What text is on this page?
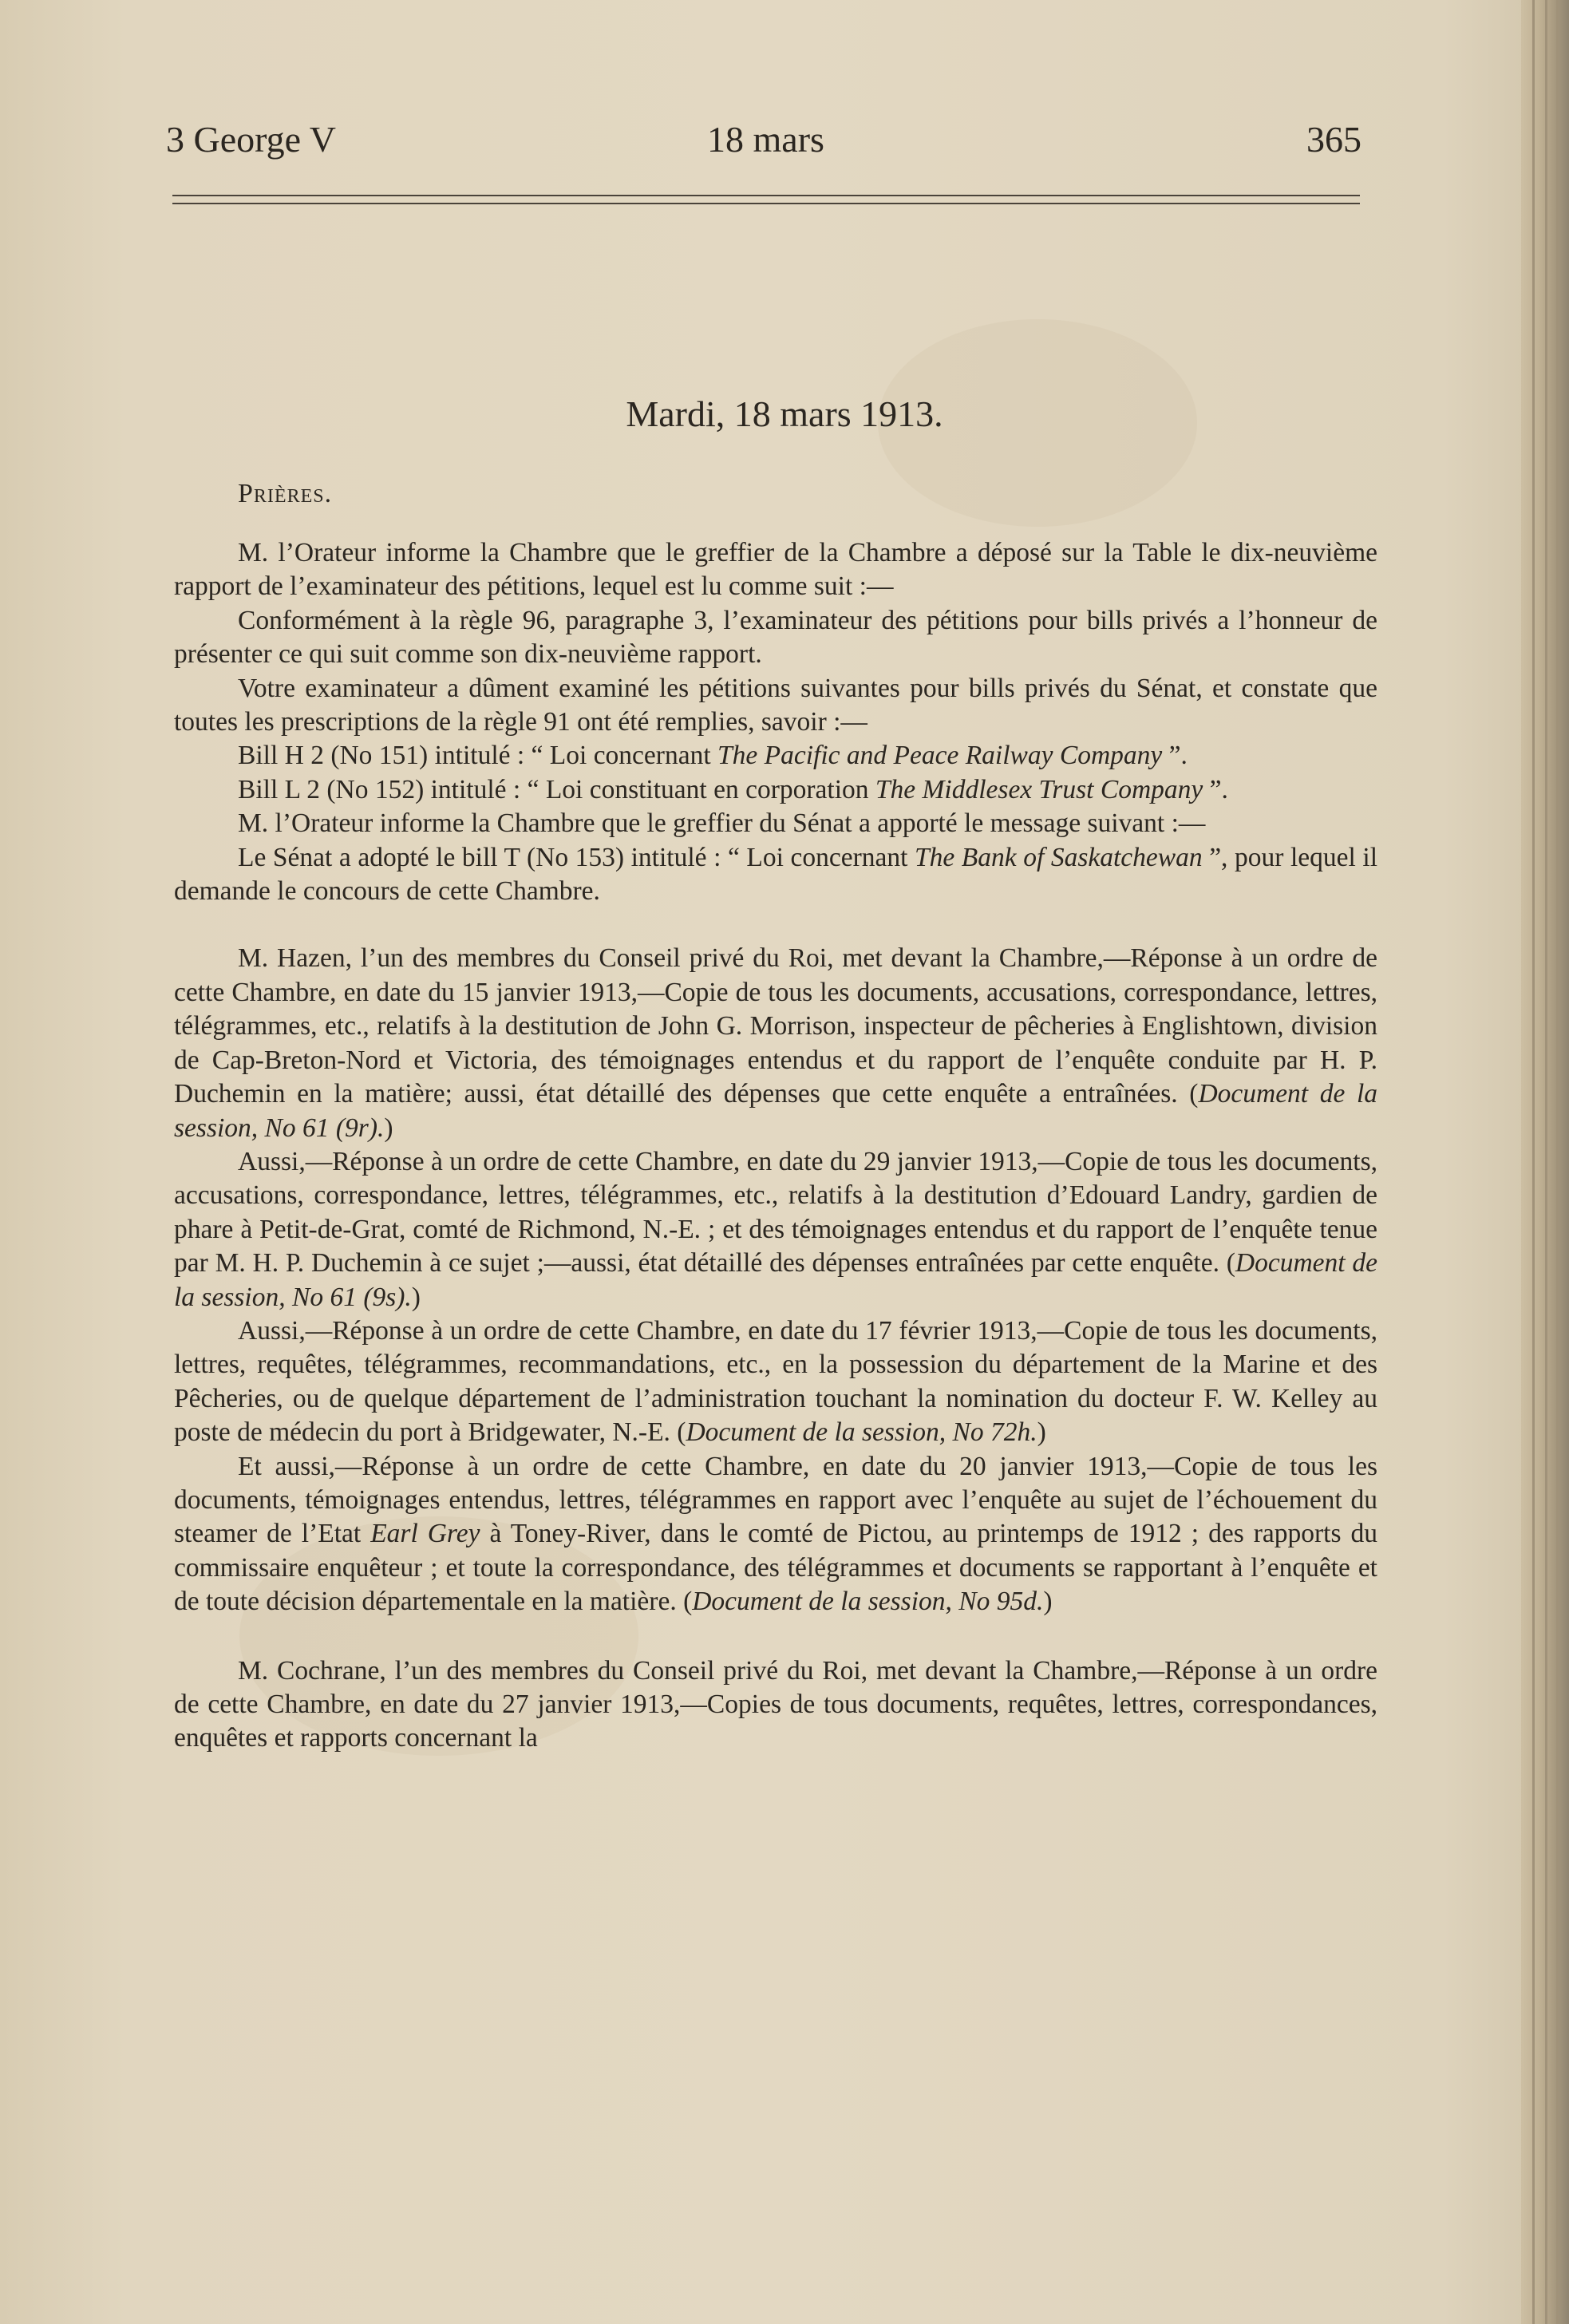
3 George V	18 mars	365
Mardi, 18 mars 1913.
Prières.

M. l’Orateur informe la Chambre que le greffier de la Chambre a déposé sur la Table le dix-neuvième rapport de l’examinateur des pétitions, lequel est lu comme suit :—

Conformément à la règle 96, paragraphe 3, l’examinateur des pétitions pour bills privés a l’honneur de présenter ce qui suit comme son dix-neuvième rapport.

Votre examinateur a dûment examiné les pétitions suivantes pour bills privés du Sénat, et constate que toutes les prescriptions de la règle 91 ont été remplies, savoir :—

Bill H 2 (No 151) intitulé : “ Loi concernant The Pacific and Peace Railway Company ”.

Bill L 2 (No 152) intitulé : “ Loi constituant en corporation The Middlesex Trust Company ”.

M. l’Orateur informe la Chambre que le greffier du Sénat a apporté le message suivant :—

Le Sénat a adopté le bill T (No 153) intitulé : “ Loi concernant The Bank of Saskatchewan ”, pour lequel il demande le concours de cette Chambre.

M. Hazen, l’un des membres du Conseil privé du Roi, met devant la Chambre,—Réponse à un ordre de cette Chambre, en date du 15 janvier 1913,—Copie de tous les documents, accusations, correspondance, lettres, télégrammes, etc., relatifs à la destitution de John G. Morrison, inspecteur de pêcheries à Englishtown, division de Cap-Breton-Nord et Victoria, des témoignages entendus et du rapport de l’enquête conduite par H. P. Duchemin en la matière; aussi, état détaillé des dépenses que cette enquête a entraînées. (Document de la session, No 61 (9r).)

Aussi,—Réponse à un ordre de cette Chambre, en date du 29 janvier 1913,—Copie de tous les documents, accusations, correspondance, lettres, télégrammes, etc., relatifs à la destitution d’Edouard Landry, gardien de phare à Petit-de-Grat, comté de Richmond, N.-E. ; et des témoignages entendus et du rapport de l’enquête tenue par M. H. P. Duchemin à ce sujet ;—aussi, état détaillé des dépenses entraînées par cette enquête. (Document de la session, No 61 (9s).)

Aussi,—Réponse à un ordre de cette Chambre, en date du 17 février 1913,—Copie de tous les documents, lettres, requêtes, télégrammes, recommandations, etc., en la possession du département de la Marine et des Pêcheries, ou de quelque département de l’administration touchant la nomination du docteur F. W. Kelley au poste de médecin du port à Bridgewater, N.-E. (Document de la session, No 72h.)

Et aussi,—Réponse à un ordre de cette Chambre, en date du 20 janvier 1913,—Copie de tous les documents, témoignages entendus, lettres, télégrammes en rapport avec l’enquête au sujet de l’échouement du steamer de l’Etat Earl Grey à Toney-River, dans le comté de Pictou, au printemps de 1912 ; des rapports du commissaire enquêteur ; et toute la correspondance, des télégrammes et documents se rapportant à l’enquête et de toute décision départementale en la matière. (Document de la session, No 95d.)

M. Cochrane, l’un des membres du Conseil privé du Roi, met devant la Chambre,—Réponse à un ordre de cette Chambre, en date du 27 janvier 1913,—Copies de tous documents, requêtes, lettres, correspondances, enquêtes et rapports concernant la
